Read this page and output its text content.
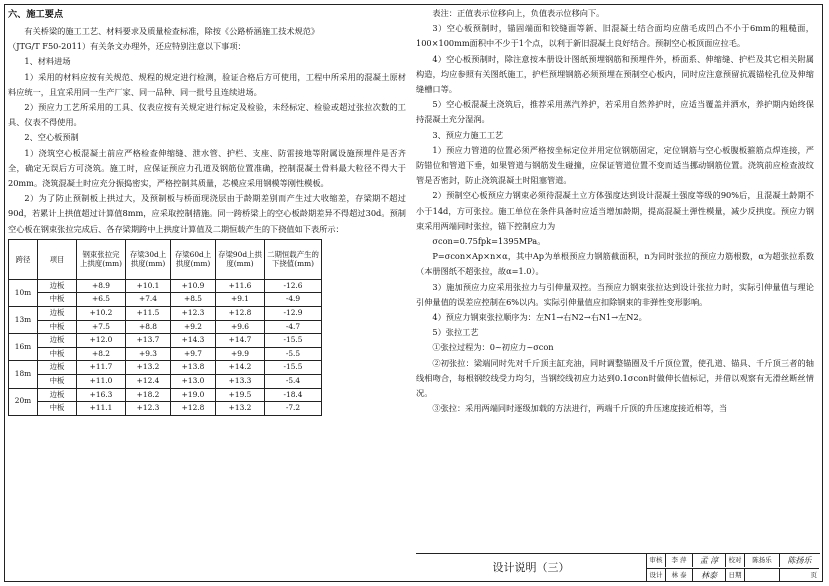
六、施工要点

有关桥梁的施工工艺、材料要求及质量检查标准，除按《公路桥涵施工技术规范》

（JTG/T F50-2011）有关条文办理外，还应特别注意以下事项：

1、材料进场

1）采用的材料应按有关规范、规程的规定进行检测，验证合格后方可使用，工程中所采用的混凝土原材料应统一，且宜采用同一生产厂家、同一品种、同一批号且连续进场。

2）预应力工艺所采用的工具、仪表应按有关规定进行标定及检验，未经标定、检验或超过张拉次数的工具、仪表不得使用。

2、空心板预制

1）浇筑空心板混凝土前应严格检查伸缩缝、泄水管、护栏、支座、防雷接地等附属设施预埋件是否齐全，确定无误后方可浇筑。施工时，应保证预应力孔道及钢筋位置准确，控制混凝土骨料最大粒径不得大于20mm。浇筑混凝土时应充分振捣密实，严格控制其质量，芯模应采用钢模等刚性模板。

2）为了防止预制板上拱过大，及预制板与桥面现浇层由于龄期差别而产生过大收缩差，存梁期不超过90d，若累计上拱值超过计算值8mm，应采取控制措施。同一跨桥梁上的空心板龄期差异不得超过30d。预制空心板在钢束张拉完成后、各存梁期跨中上拱度计算值及二期恒载产生的下挠值如下表所示：

跨径	项目	钢束张拉完上拱度(mm)	存梁30d上拱度(mm)	存梁60d上拱度(mm)	存梁90d上拱度(mm)	二期恒载产生的下挠值(mm)
10m	边板	+8.9	+10.1	+10.9	+11.6	-12.6
	中板	+6.5	+7.4	+8.5	+9.1	-4.9
13m	边板	+10.2	+11.5	+12.3	+12.8	-12.9
	中板	+7.5	+8.8	+9.2	+9.6	-4.7
16m	边板	+12.0	+13.7	+14.3	+14.7	-15.5
	中板	+8.2	+9.3	+9.7	+9.9	-5.5
18m	边板	+11.7	+13.2	+13.8	+14.2	-15.5
	中板	+11.0	+12.4	+13.0	+13.3	-5.4
20m	边板	+16.3	+18.2	+19.0	+19.5	-18.4
	中板	+11.1	+12.3	+12.8	+13.2	-7.2

表注：正值表示位移向上，负值表示位移向下。

3）空心板预制时，锚固端面和铰缝面等新、旧混凝土结合面均应凿毛成凹凸不小于6mm的粗糙面，100×100mm面积中不少于1个点，以利于新旧混凝土良好结合。预制空心板顶面应拉毛。

4）空心板预制时，除注意按本册设计图纸预埋钢筋和预埋件外，桥面系、伸缩缝、护栏及其它相关附属构造，均应参照有关图纸施工，护栏预埋钢筋必须预埋在预制空心板内，同时应注意预留抗震锚栓孔位及伸缩缝槽口等。

5）空心板混凝土浇筑后，推荐采用蒸汽养护，若采用自然养护时，应适当覆盖并洒水，养护期内始终保持混凝土充分湿润。

3、预应力施工工艺

1）预应力管道的位置必须严格按坐标定位并用定位钢筋固定，定位钢筋与空心板腹板箍筋点焊连接，严防错位和管道下垂，如果管道与钢筋发生碰撞，应保证管道位置不变而适当挪动钢筋位置。浇筑前应检查波纹管是否密封，防止浇筑混凝土时阻塞管道。

2）预制空心板预应力钢束必须待混凝土立方体强度达到设计混凝土强度等级的90%后，且混凝土龄期不小于14d，方可张拉。施工单位在条件具备时应适当增加龄期，提高混凝土弹性模量，减少反拱度。预应力钢束采用两端同时张拉，锚下控制应力为

σcon=0.75fpk=1395MPa。

P=σcon×Ap×n×α，其中Ap为单根预应力钢筋截面积，n为同时张拉的预应力筋根数，α为超张拉系数（本册图纸不超张拉，故α=1.0）。

3）施加预应力应采用张拉力与引伸量双控。当预应力钢束张拉达到设计张拉力时，实际引伸量值与理论引伸量值的误差应控制在6%以内。实际引伸量值应扣除钢束的非弹性变形影响。

4）预应力钢束张拉顺序为：左N1→右N2→右N1→左N2。

5）张拉工艺

①张拉过程为：0~初应力~σcon

②初张拉：梁端同时先对千斤顶主缸充油，同时调整锚圈及千斤顶位置，使孔道、锚具、千斤顶三者的轴线相吻合，每根钢绞线受力均匀，当钢绞线初应力达到0.1σcon时做伸长值标记，并借以观察有无滑丝断丝情况。

③张拉：采用两端同时逐级加载的方法进行，两端千斤顶的升压速度接近相等，当

设计说明（三）
审核	李 萍	孟 淳	校对	陈扬乐	陈扬乐
设计	林 泰	林泰	日期	页
